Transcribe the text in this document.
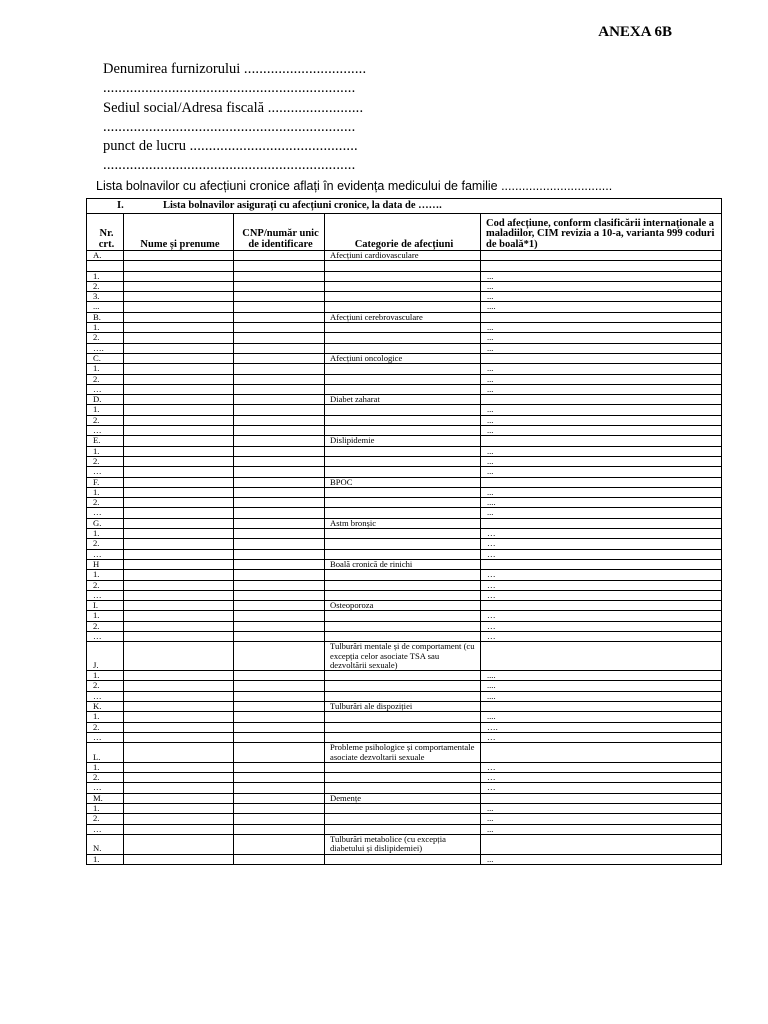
ANEXA 6B
Denumirea furnizorului ................................
..................................................................
Sediul social/Adresa fiscală .........................
..................................................................
punct de lucru ............................................
..................................................................
Lista bolnavilor cu afecțiuni cronice aflați în evidența medicului de familie ................................
I. Lista bolnavilor asigurați cu afecțiuni cronice, la data de …….				
Nr. crt.	Nume și prenume	CNP/număr unic de identificare	Categorie de afecțiuni	Cod afecțiune, conform clasificării internaționale a maladiilor, CIM revizia a 10-a, varianta 999 coduri de boală*1)
A.			Afecțiuni cardiovasculare	

1.				...
2.				...
3.				...
...				....
B.			Afecțiuni cerebrovasculare	
1.				...
2.				...
….				...
C.			Afecțiuni oncologice	
1.				...
2.				...
…				...
D.			Diabet zaharat	
1.				...
2.				...
…				...
E.			Dislipidemie	
1.				...
2.				...
…				...
F.			BPOC	
1.				...
2.				....
…				...
G.			Astm bronșic	
1.				…
2.				…
…				…
H			Boală cronică de rinichi	
1.				…
2.				…
…				…
I.			Osteoporoza	
1.				…
2.				…
…				…
J.			Tulburări mentale și de comportament (cu excepția celor asociate TSA sau dezvoltării sexuale)	
1.				....
2.				....
…				....
K.			Tulburări ale dispoziției	
1.				....
2.				….
…				…
L.			Probleme psihologice și comportamentale asociate dezvoltarii sexuale	
1.				…
2.				…
…				…
M.			Demențe	
1.				...
2.				...
…				...
N.			Tulburări metabolice (cu excepția diabetului și dislipidemiei)	
1.				...
